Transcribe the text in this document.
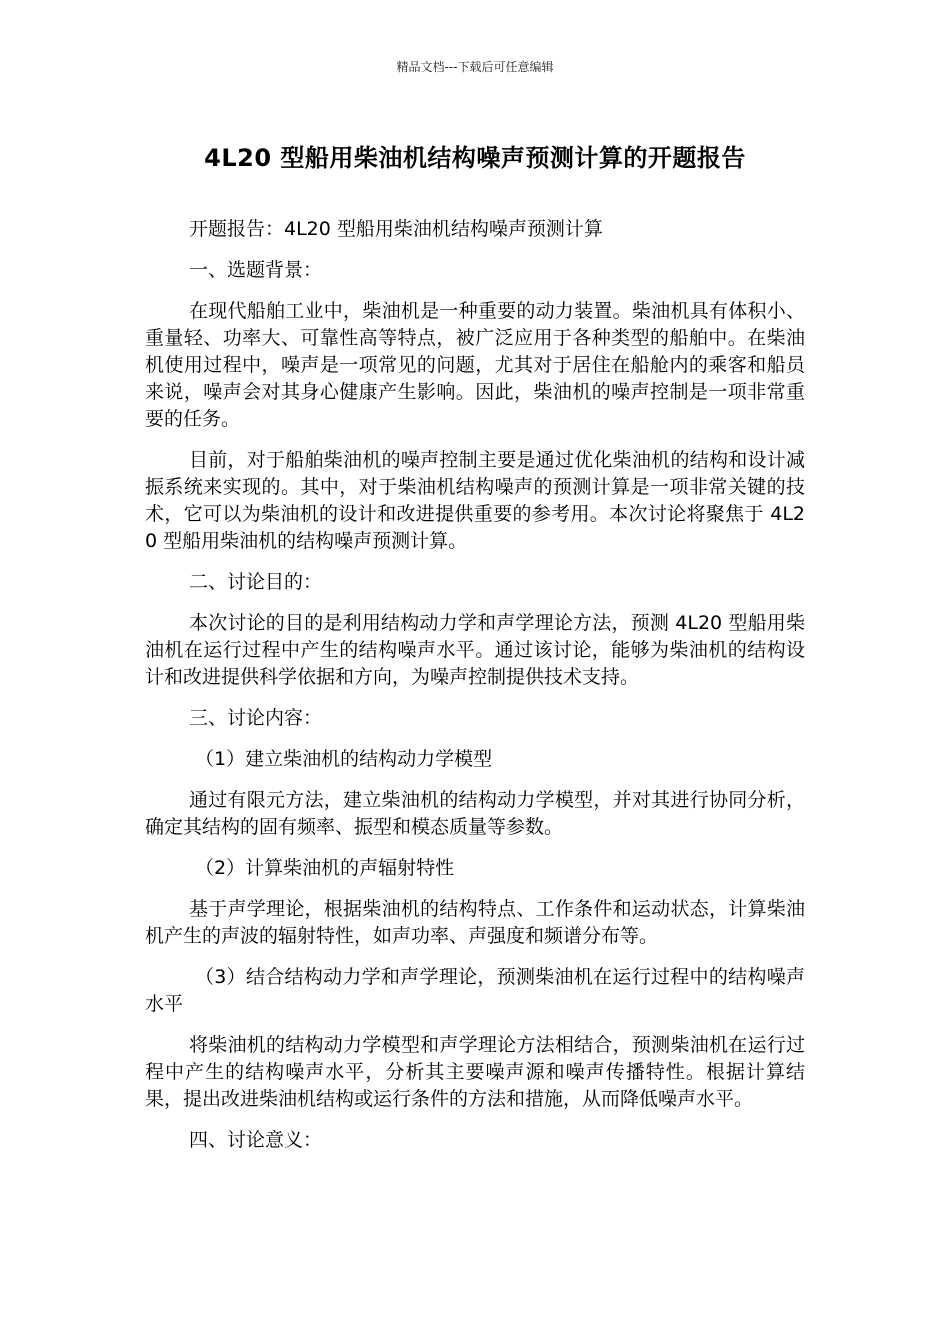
精品文档---下载后可任意编辑
4L20 型船用柴油机结构噪声预测计算的开题报告

开题报告：4L20 型船用柴油机结构噪声预测计算

一、选题背景：

在现代船舶工业中，柴油机是一种重要的动力装置。柴油机具有体积小、重量轻、功率大、可靠性高等特点，被广泛应用于各种类型的船舶中。在柴油机使用过程中，噪声是一项常见的问题，尤其对于居住在船舱内的乘客和船员来说，噪声会对其身心健康产生影响。因此，柴油机的噪声控制是一项非常重要的任务。

目前，对于船舶柴油机的噪声控制主要是通过优化柴油机的结构和设计减振系统来实现的。其中，对于柴油机结构噪声的预测计算是一项非常关键的技术，它可以为柴油机的设计和改进提供重要的参考用。本次讨论将聚焦于 4L20 型船用柴油机的结构噪声预测计算。

二、讨论目的：

本次讨论的目的是利用结构动力学和声学理论方法，预测 4L20 型船用柴油机在运行过程中产生的结构噪声水平。通过该讨论，能够为柴油机的结构设计和改进提供科学依据和方向，为噪声控制提供技术支持。

三、讨论内容：

（1）建立柴油机的结构动力学模型

通过有限元方法，建立柴油机的结构动力学模型，并对其进行协同分析，确定其结构的固有频率、振型和模态质量等参数。

（2）计算柴油机的声辐射特性

基于声学理论，根据柴油机的结构特点、工作条件和运动状态，计算柴油机产生的声波的辐射特性，如声功率、声强度和频谱分布等。

（3）结合结构动力学和声学理论，预测柴油机在运行过程中的结构噪声水平

将柴油机的结构动力学模型和声学理论方法相结合，预测柴油机在运行过程中产生的结构噪声水平，分析其主要噪声源和噪声传播特性。根据计算结果，提出改进柴油机结构或运行条件的方法和措施，从而降低噪声水平。

四、讨论意义：
